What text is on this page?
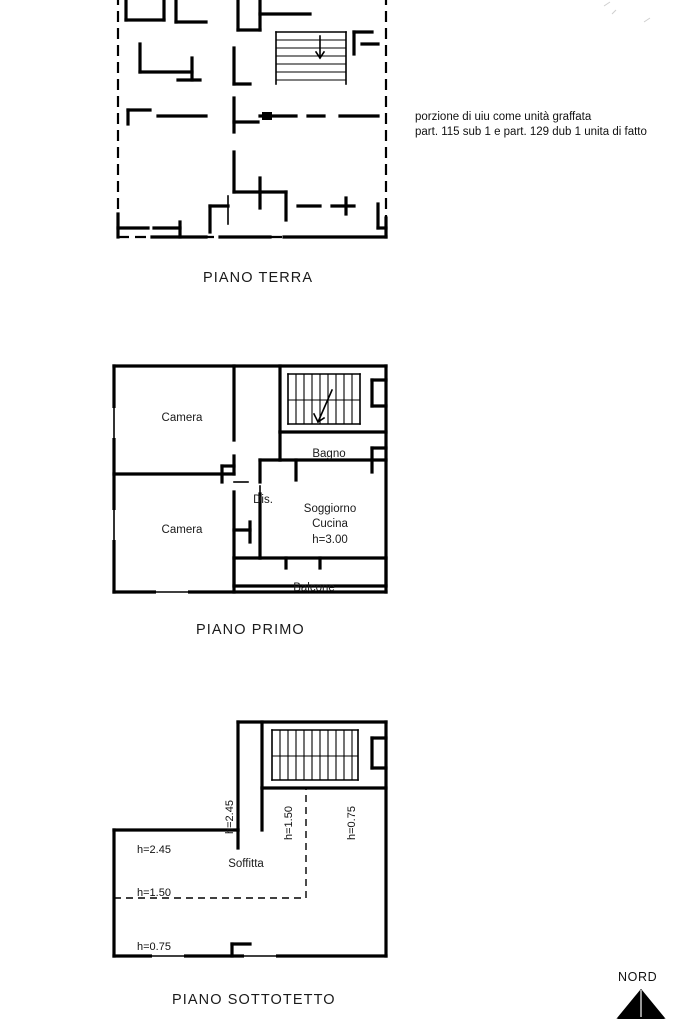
PIANO TERRA
porzione di uiu come unità graffata
part. 115 sub 1 e part. 129 dub 1 unita di fatto
Camera
Camera
Bagno
Dis.
Soggiorno
Cucina
h=3.00
Balcone
PIANO PRIMO
Soffitta
h=2.45	h=1.50	h=0.75
h=2.45
h=1.50
h=0.75
PIANO SOTTOTETTO
NORD
